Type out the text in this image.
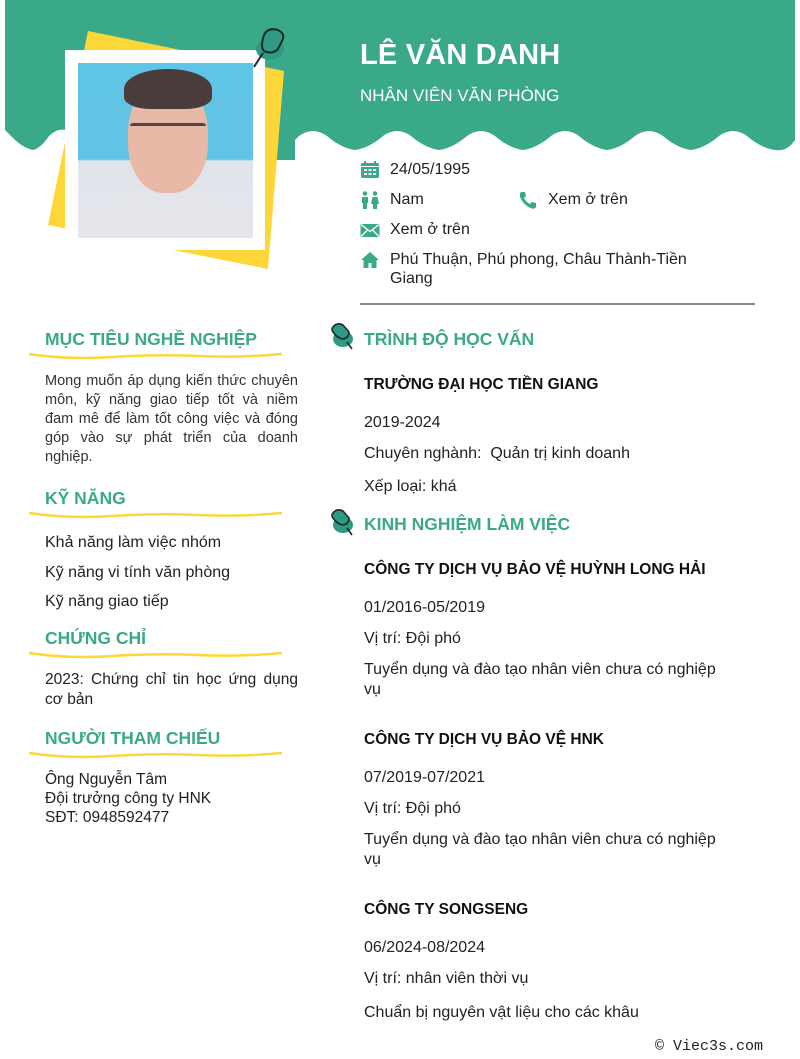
LÊ VĂN DANH
NHÂN VIÊN VĂN PHÒNG
24/05/1995
Nam	Xem ở trên
Xem ở trên
Phú Thuận, Phú phong, Châu Thành-Tiền Giang
MỤC TIÊU NGHỀ NGHIỆP
Mong muốn áp dụng kiến thức chuyên môn, kỹ năng giao tiếp tốt và niềm đam mê để làm tốt công việc và đóng góp vào sự phát triển của doanh nghiệp.
KỸ NĂNG
Khả năng làm việc nhóm
Kỹ năng vi tính văn phòng
Kỹ năng giao tiếp
CHỨNG CHỈ
2023: Chứng chỉ tin học ứng dụng cơ bản
NGƯỜI THAM CHIẾU
Ông Nguyễn Tâm
Đội trưởng công ty HNK
SĐT: 0948592477
TRÌNH ĐỘ HỌC VẤN
TRƯỜNG ĐẠI HỌC TIỀN GIANG
2019-2024
Chuyên nghành:  Quản trị kinh doanh
Xếp loại: khá
KINH NGHIỆM LÀM VIỆC
CÔNG TY DỊCH VỤ BẢO VỆ HUỲNH LONG HẢI
01/2016-05/2019
Vị trí: Đội phó
Tuyển dụng và đào tạo nhân viên chưa có nghiệp vụ
CÔNG TY DỊCH VỤ BẢO VỆ HNK
07/2019-07/2021
Vị trí: Đội phó
Tuyển dụng và đào tạo nhân viên chưa có nghiệp vụ
CÔNG TY SONGSENG
06/2024-08/2024
Vị trí: nhân viên thời vụ
Chuẩn bị nguyên vật liệu cho các khâu
© Viec3s.com
